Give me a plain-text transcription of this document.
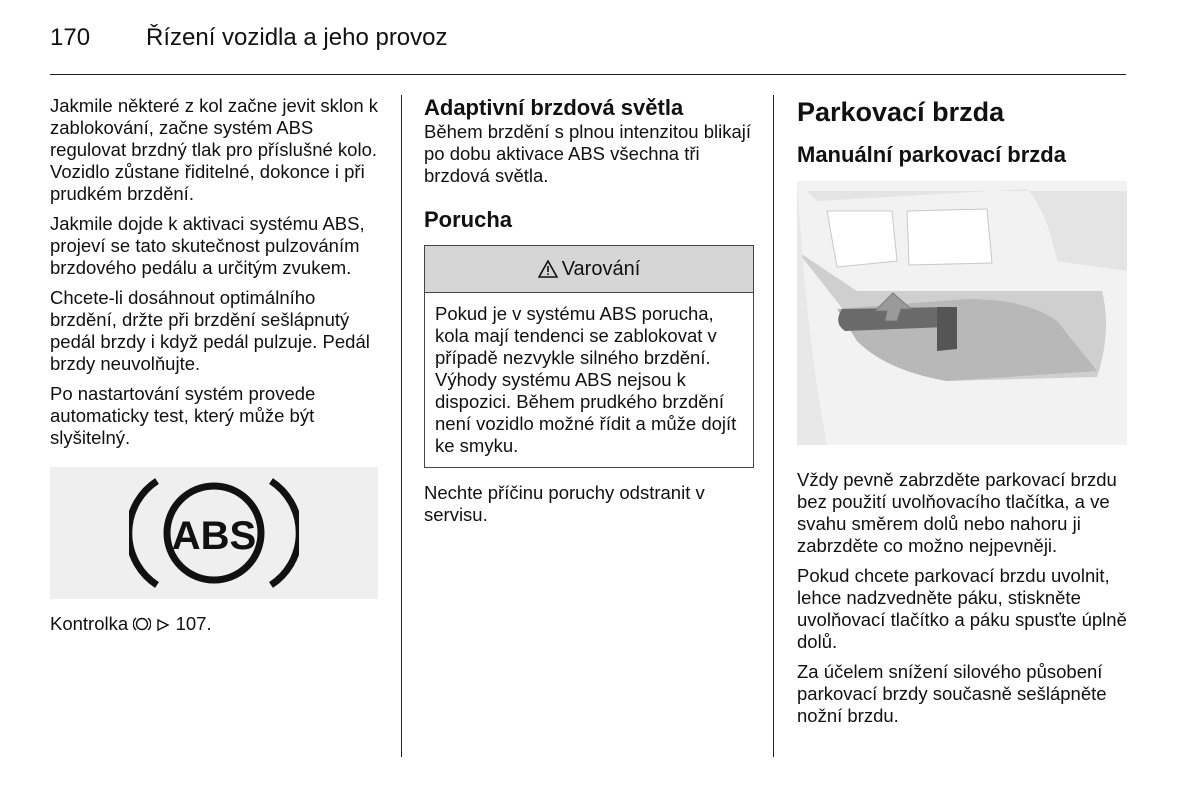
170 Řízení vozidla a jeho provoz

Jakmile některé z kol začne jevit sklon k zablokování, začne systém ABS regulovat brzdný tlak pro příslušné kolo. Vozidlo zůstane řiditelné, dokonce i při prudkém brzdění.

Jakmile dojde k aktivaci systému ABS, projeví se tato skutečnost pulzováním brzdového pedálu a určitým zvukem.

Chcete-li dosáhnout optimálního brzdění, držte při brzdění sešlápnutý pedál brzdy i když pedál pulzuje. Pedál brzdy neuvolňujte.

Po nastartování systém provede automaticky test, který může být slyšitelný.

ABS

Kontrolka	107.

Adaptivní brzdová světla

Během brzdění s plnou intenzitou blikají po dobu aktivace ABS všechna tři brzdová světla.

Porucha
Varování
Pokud je v systému ABS porucha, kola mají tendenci se zablokovat v případě nezvykle silného brzdění. Výhody systému ABS nejsou k dispozici. Během prudkého brzdění není vozidlo možné řídit a může dojít ke smyku.

Nechte příčinu poruchy odstranit v servisu.

Parkovací brzda
Manuální parkovací brzda

Vždy pevně zabrzděte parkovací brzdu bez použití uvolňovacího tlačítka, a ve svahu směrem dolů nebo nahoru ji zabrzděte co možno nejpevněji.

Pokud chcete parkovací brzdu uvolnit, lehce nadzvedněte páku, stiskněte uvolňovací tlačítko a páku spusťte úplně dolů.

Za účelem snížení silového působení parkovací brzdy současně sešlápněte nožní brzdu.
